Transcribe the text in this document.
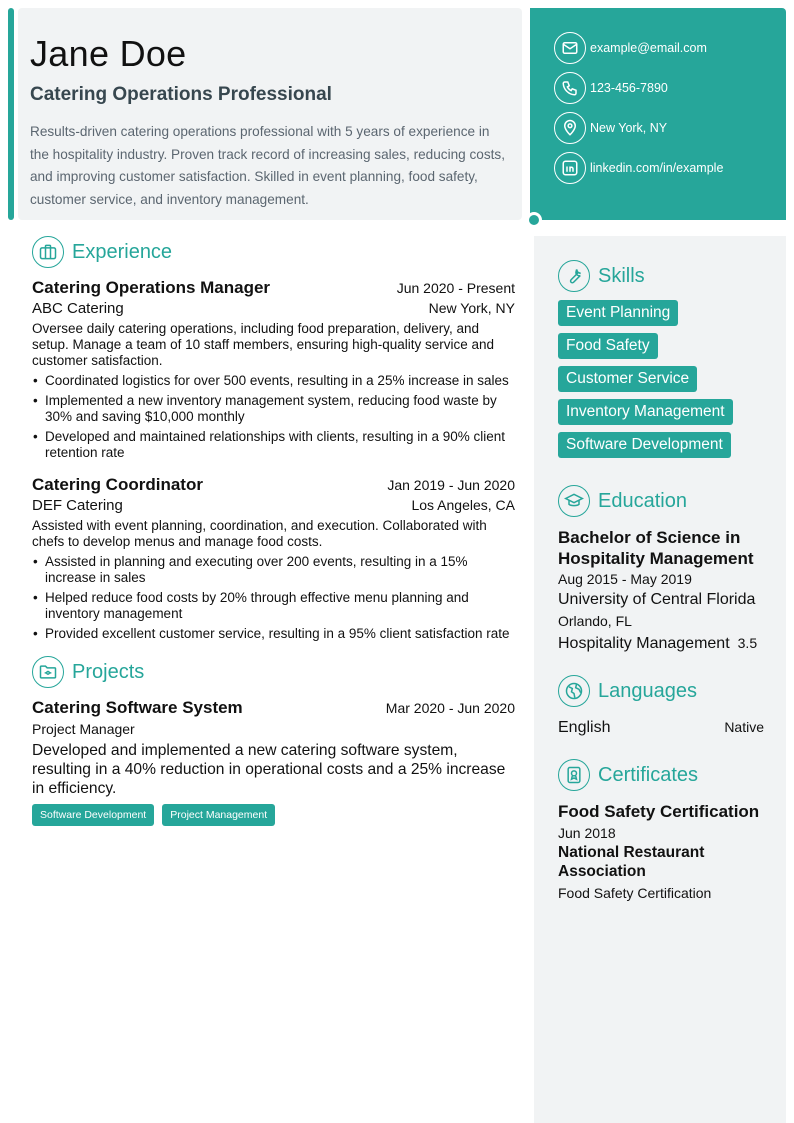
Jane Doe
Catering Operations Professional

Results-driven catering operations professional with 5 years of experience in the hospitality industry. Proven track record of increasing sales, reducing costs, and improving customer satisfaction. Skilled in event planning, food safety, customer service, and inventory management.

example@email.com
123-456-7890
New York, NY
linkedin.com/in/example
Experience
Catering Operations Manager	Jun 2020 - Present
ABC Catering	New York, NY

Oversee daily catering operations, including food preparation, delivery, and setup. Manage a team of 10 staff members, ensuring high-quality service and customer satisfaction.

• Coordinated logistics for over 500 events, resulting in a 25% increase in sales
• Implemented a new inventory management system, reducing food waste by 30% and saving $10,000 monthly
• Developed and maintained relationships with clients, resulting in a 90% client retention rate
Catering Coordinator	Jan 2019 - Jun 2020
DEF Catering	Los Angeles, CA

Assisted with event planning, coordination, and execution. Collaborated with chefs to develop menus and manage food costs.

• Assisted in planning and executing over 200 events, resulting in a 15% increase in sales
• Helped reduce food costs by 20% through effective menu planning and inventory management
• Provided excellent customer service, resulting in a 95% client satisfaction rate
Projects
Catering Software System	Mar 2020 - Jun 2020
Project Manager

Developed and implemented a new catering software system, resulting in a 40% reduction in operational costs and a 25% increase in efficiency.

Software Development	Project Management
Skills
Event Planning
Food Safety
Customer Service
Inventory Management
Software Development
Education
Bachelor of Science in Hospitality Management
Aug 2015 - May 2019
University of Central Florida
Orlando, FL
Hospitality Management 3.5
Languages
English	Native
Certificates
Food Safety Certification
Jun 2018
National Restaurant Association
Food Safety Certification
